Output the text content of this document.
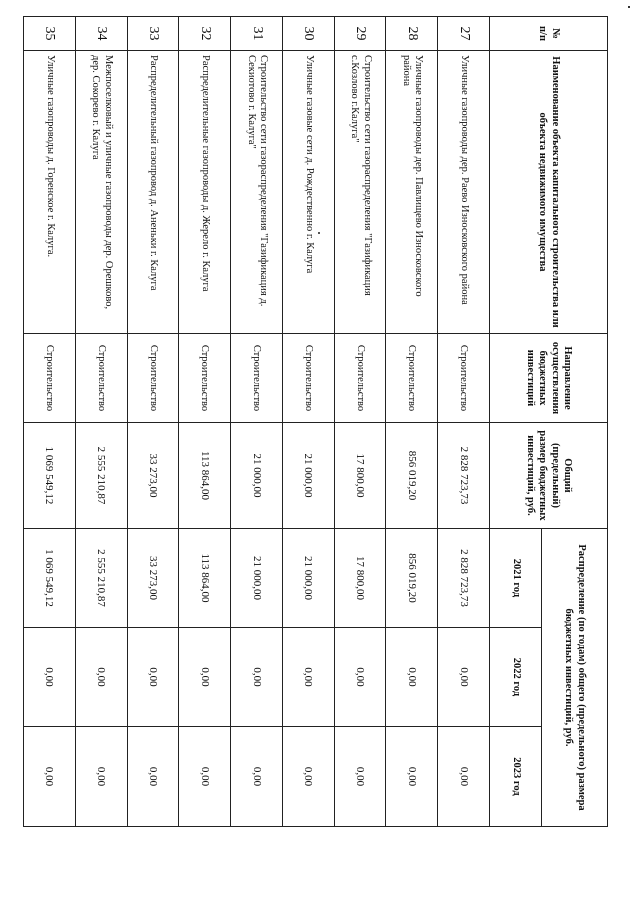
№
п/п	Наименование объекта капитального строительства или объекта недвижимого имущества	Направление осуществления бюджетных инвестиций	Общий (предельный) размер бюджетных инвестиций, руб.	Распределение (по годам) общего (предельного) размера бюджетных инвестиций, руб.		
				2021 год	2022 год	2023 год
27	Уличные газопроводы дер. Раево Износковского района	Строительство	2 828 723,73	2 828 723,73	0,00	0,00
28	Уличные газопроводы дер. Павлищево Износковского района	Строительство	856 019,20	856 019,20	0,00	0,00
29	Строительство сети газораспределения "Газификация с.Козлово г.Калуга"	Строительство	17 800,00	17 800,00	0,00	0,00
30	Уличные газовые сети д. Рождественно г. Калуга	Строительство	21 000,00	21 000,00	0,00	0,00
31	Строительство сети газораспределения "Газификация д. Секиотово г. Калуга"	Строительство	21 000,00	21 000,00	0,00	0,00
32	Распределительные газопроводы д. Жерело г. Калуга	Строительство	113 864,00	113 864,00	0,00	0,00
33	Распределительный газопровод д. Аненьки г. Калуга	Строительство	33 273,00	33 273,00	0,00	0,00
34	Межпоселковый и уличные газопроводы дер. Орешково, дер. Сокорево г. Калуга	Строительство	2 555 210,87	2 555 210,87	0,00	0,00
35	Уличные газопроводы д. Горенское г. Калуга.	Строительство	1 069 549,12	1 069 549,12	0,00	0,00
